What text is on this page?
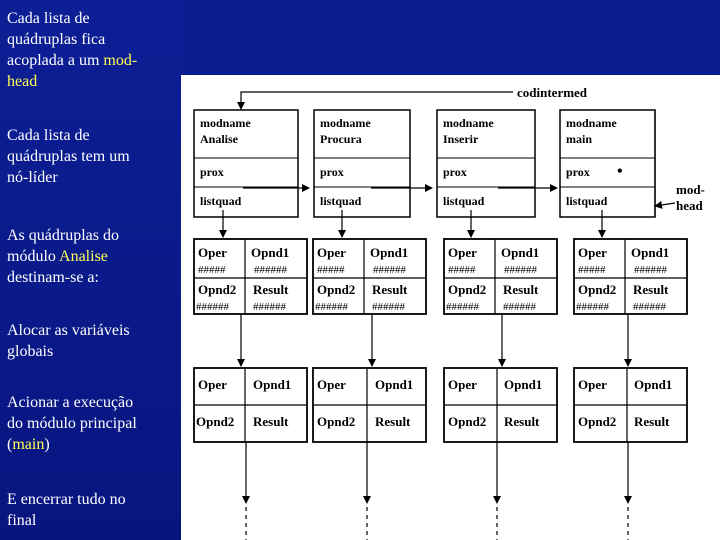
Cada lista de
quádruplas fica
acoplada a um mod-
head
Cada lista de
quádruplas tem um
nó-líder
As quádruplas do
módulo Analise
destinam-se a:
Alocar as variáveis
globais
Acionar a execução
do módulo principal
(main)
E encerrar tudo no
final
codintermed
mod- head
modname
Analise
prox
listquad
modname
Procura
prox
listquad
modname
Inserir
prox
listquad
modname
main
prox •
listquad
Oper
#####
Opnd1
######
Opnd2
######
Result
######
Oper
#####
Opnd1
######
Opnd2
######
Result
######
Oper
#####
Opnd1
######
Opnd2
######
Result
######
Oper
#####
Opnd1
######
Opnd2
######
Result
######
Oper Opnd1
Opnd2 Result
Oper Opnd1
Opnd2 Result
Oper Opnd1
Opnd2 Result
Oper Opnd1
Opnd2 Result
